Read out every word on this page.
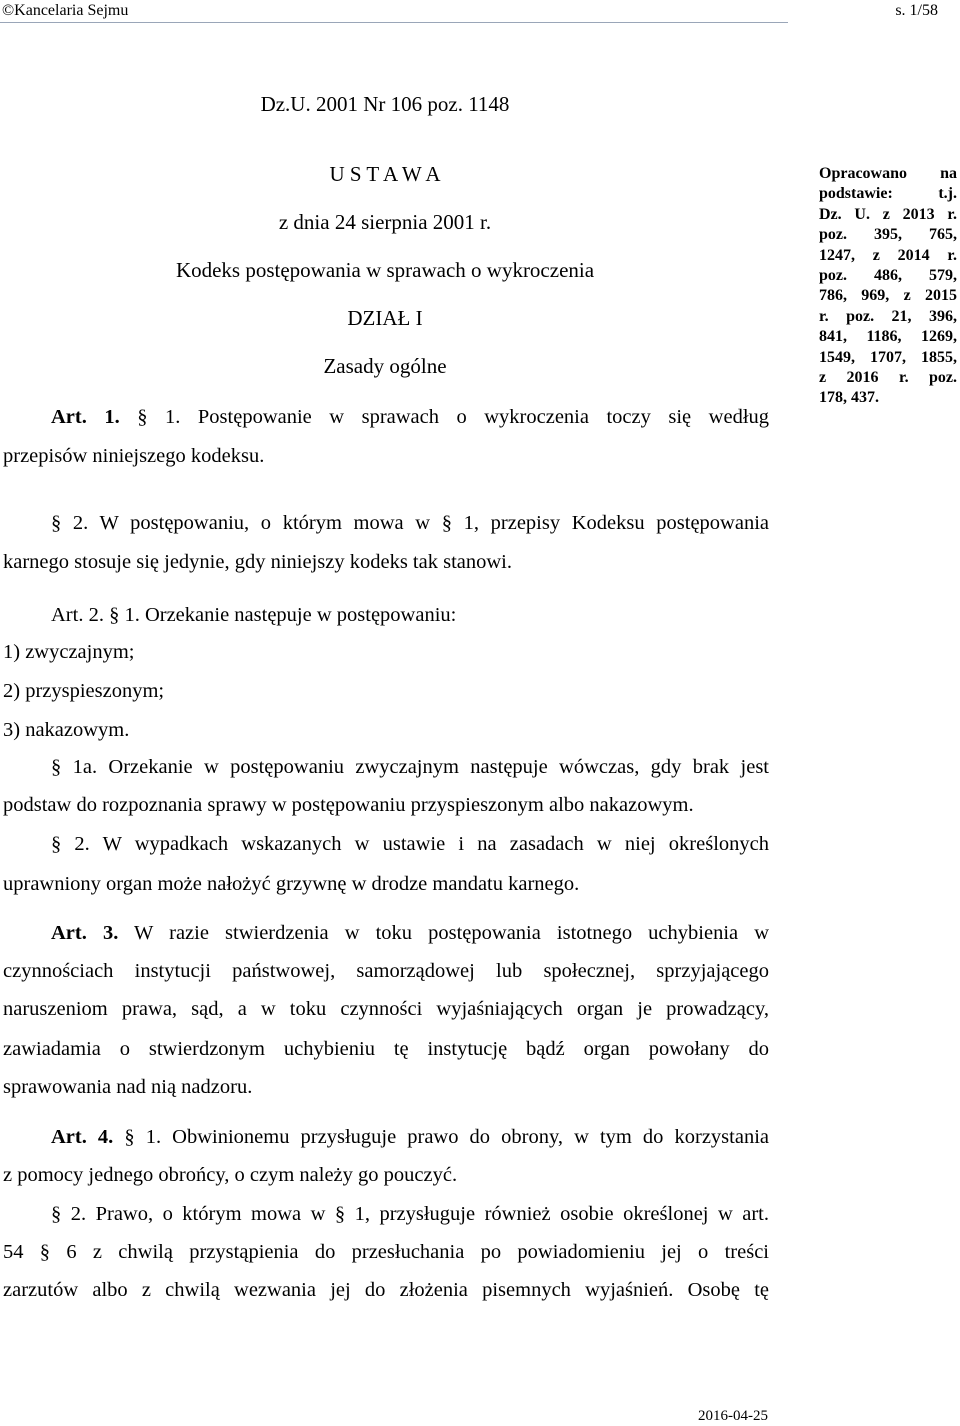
©Kancelaria Sejmu	s. 1/58
Dz.U. 2001 Nr 106 poz. 1148
U S T A W A
z dnia 24 sierpnia 2001 r.
Kodeks postępowania w sprawach o wykroczenia
DZIAŁ I
Zasady ogólne
Opracowano na
podstawie: t.j.
Dz. U. z 2013 r.
poz. 395, 765,
1247, z 2014 r.
poz. 486, 579,
786, 969, z 2015
r. poz. 21, 396,
841, 1186, 1269,
1549, 1707, 1855,
z 2016 r. poz.
178, 437.
Art. 1. § 1. Postępowanie w sprawach o wykroczenia toczy się według
przepisów niniejszego kodeksu.
§ 2. W postępowaniu, o którym mowa w § 1, przepisy Kodeksu postępowania
karnego stosuje się jedynie, gdy niniejszy kodeks tak stanowi.
Art. 2. § 1. Orzekanie następuje w postępowaniu:
1) zwyczajnym;
2) przyspieszonym;
3) nakazowym.
§ 1a. Orzekanie w postępowaniu zwyczajnym następuje wówczas, gdy brak jest
podstaw do rozpoznania sprawy w postępowaniu przyspieszonym albo nakazowym.
§ 2. W wypadkach wskazanych w ustawie i na zasadach w niej określonych
uprawniony organ może nałożyć grzywnę w drodze mandatu karnego.
Art. 3. W razie stwierdzenia w toku postępowania istotnego uchybienia w
czynnościach instytucji państwowej, samorządowej lub społecznej, sprzyjającego
naruszeniom prawa, sąd, a w toku czynności wyjaśniających organ je prowadzący,
zawiadamia o stwierdzonym uchybieniu tę instytucję bądź organ powołany do
sprawowania nad nią nadzoru.
Art. 4. § 1. Obwinionemu przysługuje prawo do obrony, w tym do korzystania
z pomocy jednego obrońcy, o czym należy go pouczyć.
§ 2. Prawo, o którym mowa w § 1, przysługuje również osobie określonej w art.
54 § 6 z chwilą przystąpienia do przesłuchania po powiadomieniu jej o treści
zarzutów albo z chwilą wezwania jej do złożenia pisemnych wyjaśnień. Osobę tę
2016-04-25
